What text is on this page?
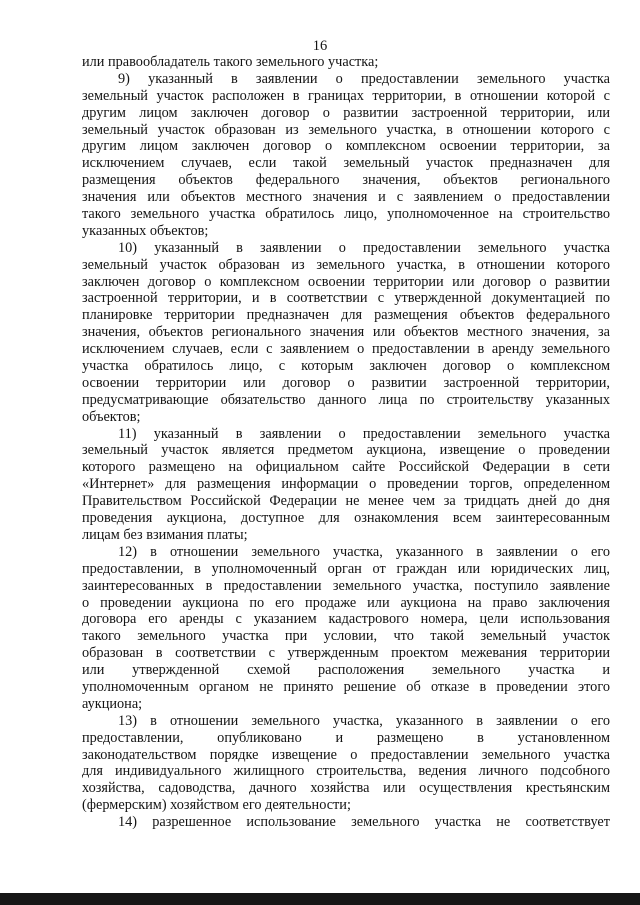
16
или правообладатель такого земельного участка;
9) указанный в заявлении о предоставлении земельного участка
земельный участок расположен в границах территории, в отношении которой с
другим лицом заключен договор о развитии застроенной территории, или
земельный участок образован из земельного участка, в отношении которого с
другим лицом заключен договор о комплексном освоении территории, за
исключением случаев, если такой земельный участок предназначен для
размещения объектов федерального значения, объектов регионального
значения или объектов местного значения и с заявлением о предоставлении
такого земельного участка обратилось лицо, уполномоченное на строительство
указанных объектов;
10) указанный в заявлении о предоставлении земельного участка
земельный участок образован из земельного участка, в отношении которого
заключен договор о комплексном освоении территории или договор о развитии
застроенной территории, и в соответствии с утвержденной документацией по
планировке территории предназначен для размещения объектов федерального
значения, объектов регионального значения или объектов местного значения, за
исключением случаев, если с заявлением о предоставлении в аренду земельного
участка обратилось лицо, с которым заключен договор о комплексном
освоении территории или договор о развитии застроенной территории,
предусматривающие обязательство данного лица по строительству указанных
объектов;
11) указанный в заявлении о предоставлении земельного участка
земельный участок является предметом аукциона, извещение о проведении
которого размещено на официальном сайте Российской Федерации в сети
«Интернет» для размещения информации о проведении торгов, определенном
Правительством Российской Федерации не менее чем за тридцать дней до дня
проведения аукциона, доступное для ознакомления всем заинтересованным
лицам без взимания платы;
12) в отношении земельного участка, указанного в заявлении о его
предоставлении, в уполномоченный орган от граждан или юридических лиц,
заинтересованных в предоставлении земельного участка, поступило заявление
о проведении аукциона по его продаже или аукциона на право заключения
договора его аренды с указанием кадастрового номера, цели использования
такого земельного участка при условии, что такой земельный участок
образован в соответствии с утвержденным проектом межевания территории
или утвержденной схемой расположения земельного участка и
уполномоченным органом не принято решение об отказе в проведении этого
аукциона;
13) в отношении земельного участка, указанного в заявлении о его
предоставлении, опубликовано и размещено в установленном
законодательством порядке извещение о предоставлении земельного участка
для индивидуального жилищного строительства, ведения личного подсобного
хозяйства, садоводства, дачного хозяйства или осуществления крестьянским
(фермерским) хозяйством его деятельности;
14) разрешенное использование земельного участка не соответствует
